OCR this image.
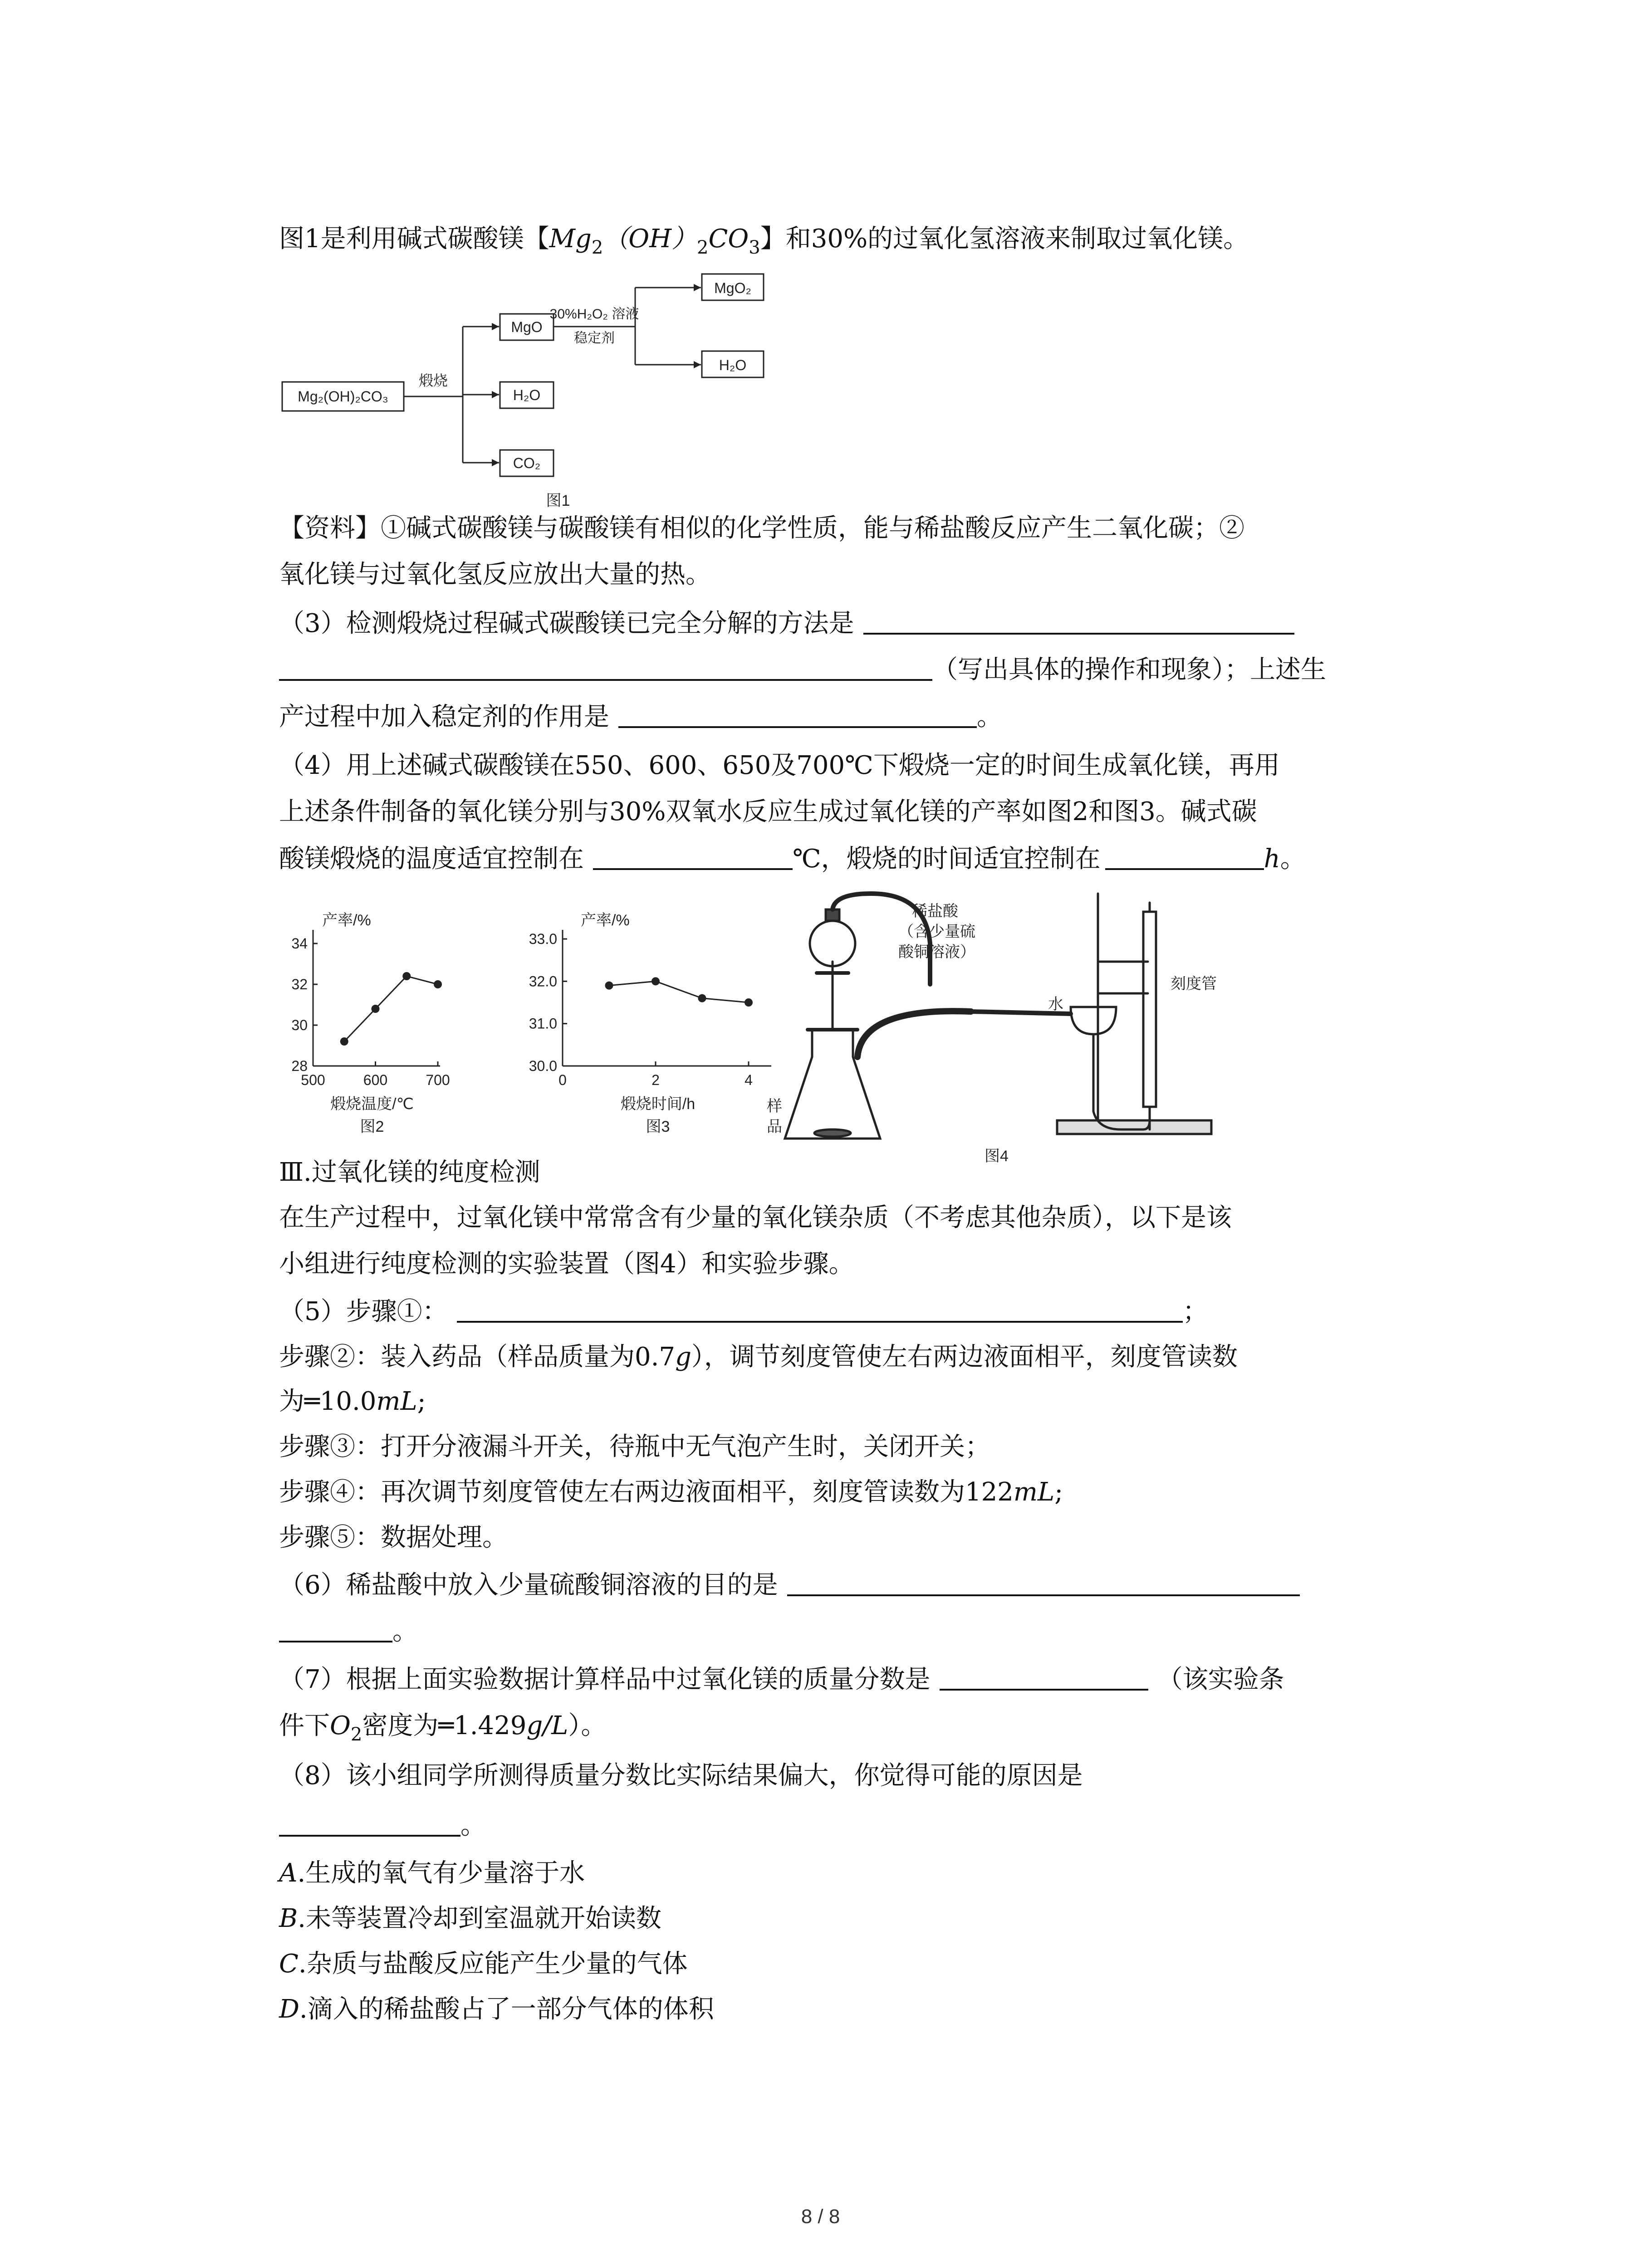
图1是利用碱式碳酸镁【$Mg_2(OH)_2CO_3$】和30%的过氧化氢溶液来制取过氧化镁。
Mg₂(OH)₂CO₃
煅烧
MgO
H₂O
CO₂
30%H₂O₂ 溶液
稳定剂
MgO₂
H₂O
图1
【资料】①碱式碳酸镁与碳酸镁有相似的化学性质，能与稀盐酸反应产生二氧化碳；②
氧化镁与过氧化氢反应放出大量的热。
（3）检测煅烧过程碱式碳酸镁已完全分解的方法是
（写出具体的操作和现象）；上述生
产过程中加入稳定剂的作用是	。
（4）用上述碱式碳酸镁在550、600、650及700℃下煅烧一定的时间生成氧化镁，再用
上述条件制备的氧化镁分别与30%双氧水反应生成过氧化镁的产率如图2和图3。碱式碳
酸镁煅烧的温度适宜控制在	℃，煅烧的时间适宜控制在	h。
产率/%
28
30
32
34
500	600	700
煅烧温度/℃
图2
产率/%
30.0
31.0
32.0
33.0
0	2	4
煅烧时间/h
图3
稀盐酸
（含少量硫
酸铜溶液）
水
刻度管
样
品
图4
Ⅲ.过氧化镁的纯度检测
在生产过程中，过氧化镁中常常含有少量的氧化镁杂质（不考虑其他杂质），以下是该
小组进行纯度检测的实验装置（图4）和实验步骤。
（5）步骤①：	；
步骤②：装入药品（样品质量为0.7g），调节刻度管使左右两边液面相平，刻度管读数
为═10.0mL;
步骤③：打开分液漏斗开关，待瓶中无气泡产生时，关闭开关；
步骤④：再次调节刻度管使左右两边液面相平，刻度管读数为122mL;
步骤⑤：数据处理。
（6）稀盐酸中放入少量硫酸铜溶液的目的是
。
（7）根据上面实验数据计算样品中过氧化镁的质量分数是	（该实验条
件下$O_2$密度为═1.429g/L）。
（8）该小组同学所测得质量分数比实际结果偏大，你觉得可能的原因是
。
A.生成的氧气有少量溶于水
B.未等装置冷却到室温就开始读数
C.杂质与盐酸反应能产生少量的气体
D.滴入的稀盐酸占了一部分气体的体积
8 / 8
